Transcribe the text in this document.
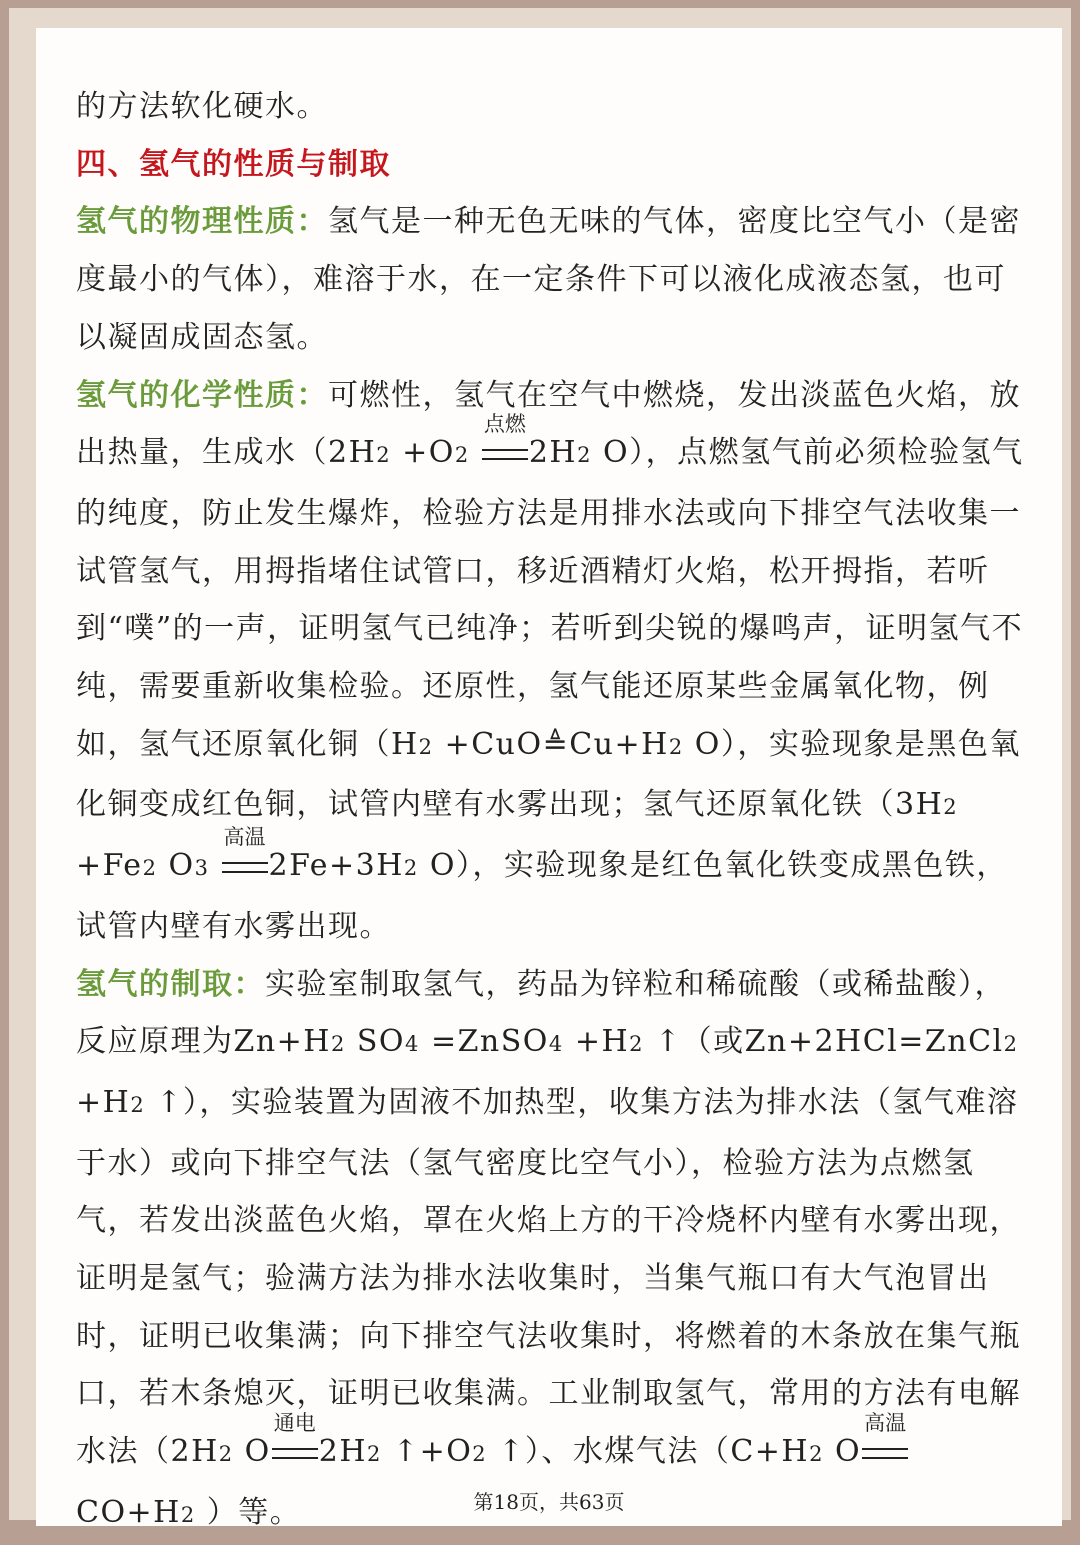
的方法软化硬水。

四、氢气的性质与制取

氢气的物理性质：氢气是一种无色无味的气体，密度比空气小（是密度最小的气体），难溶于水，在一定条件下可以液化成液态氢，也可以凝固成固态氢。

氢气的化学性质：可燃性，氢气在空气中燃烧，发出淡蓝色火焰，放出热量，生成水（2H2 +O2
点燃
2H2 O），点燃氢气前必须检验氢气的纯度，防止发生爆炸，检验方法是用排水法或向下排空气法收集一试管氢气，用拇指堵住试管口，移近酒精灯火焰，松开拇指，若听到“噗”的一声，证明氢气已纯净；若听到尖锐的爆鸣声，证明氢气不纯，需要重新收集检验。还原性，氢气能还原某些金属氧化物，例如，氢气还原氧化铜（H2 +CuO≜Cu+H2 O），实验现象是黑色氧化铜变成红色铜，试管内壁有水雾出现；氢气还原氧化铁（3H2 +Fe2 O3
高温
2Fe+3H2 O），实验现象是红色氧化铁变成黑色铁，试管内壁有水雾出现。

氢气的制取：实验室制取氢气，药品为锌粒和稀硫酸（或稀盐酸），反应原理为Zn+H2 SO4 =ZnSO4 +H2 ↑（或Zn+2HCl=ZnCl2 +H2 ↑），实验装置为固液不加热型，收集方法为排水法（氢气难溶于水）或向下排空气法（氢气密度比空气小），检验方法为点燃氢气，若发出淡蓝色火焰，罩在火焰上方的干冷烧杯内壁有水雾出现，证明是氢气；验满方法为排水法收集时，当集气瓶口有大气泡冒出时，证明已收集满；向下排空气法收集时，将燃着的木条放在集气瓶口，若木条熄灭，证明已收集满。工业制取氢气，常用的方法有电解水法（2H2 O
通电
2H2 ↑+O2 ↑）、水煤气法（C+H2 O
高温
CO+H2 ）等。	第18页，共63页
